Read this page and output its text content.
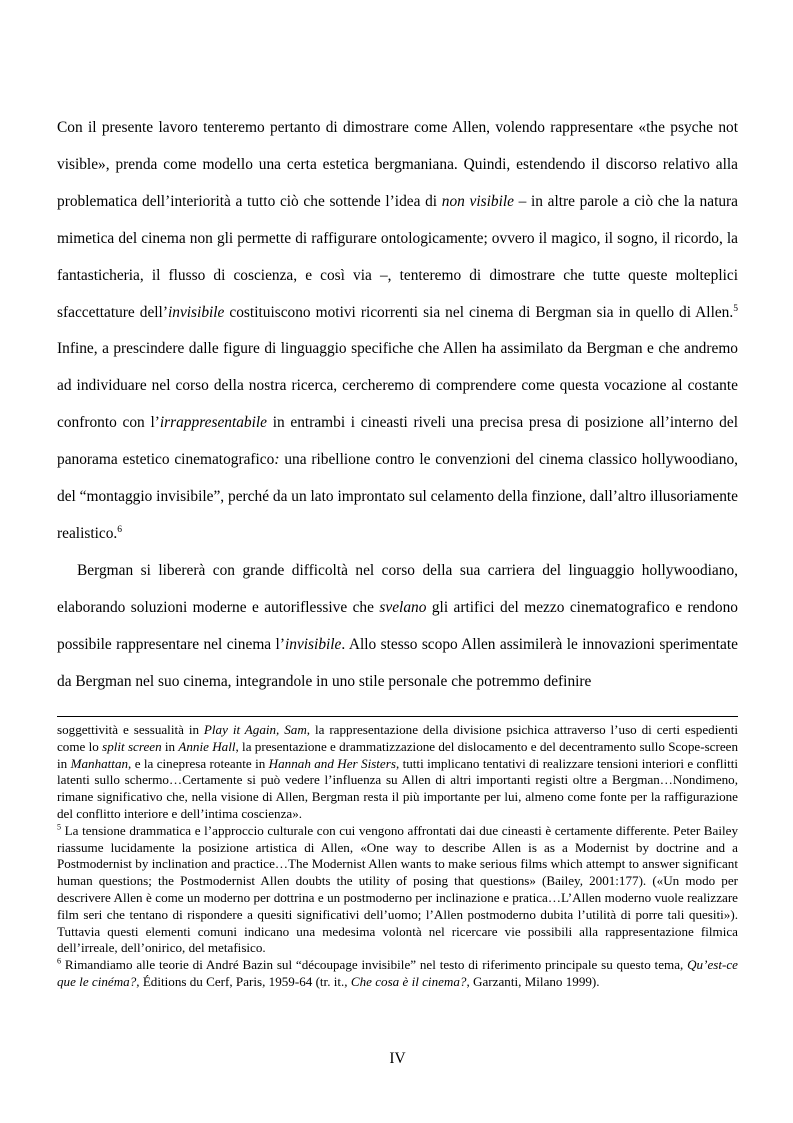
Con il presente lavoro tenteremo pertanto di dimostrare come Allen, volendo rappresentare «the psyche not visible», prenda come modello una certa estetica bergmaniana. Quindi, estendendo il discorso relativo alla problematica dell’interiorità a tutto ciò che sottende l’idea di non visibile – in altre parole a ciò che la natura mimetica del cinema non gli permette di raffigurare ontologicamente; ovvero il magico, il sogno, il ricordo, la fantasticheria, il flusso di coscienza, e così via –, tenteremo di dimostrare che tutte queste molteplici sfaccettature dell’invisibile costituiscono motivi ricorrenti sia nel cinema di Bergman sia in quello di Allen.$^5$ Infine, a prescindere dalle figure di linguaggio specifiche che Allen ha assimilato da Bergman e che andremo ad individuare nel corso della nostra ricerca, cercheremo di comprendere come questa vocazione al costante confronto con l’irrappresentabile in entrambi i cineasti riveli una precisa presa di posizione all’interno del panorama estetico cinematografico: una ribellione contro le convenzioni del cinema classico hollywoodiano, del “montaggio invisibile”, perché da un lato improntato sul celamento della finzione, dall’altro illusoriamente realistico.$^6$

Bergman si libererà con grande difficoltà nel corso della sua carriera del linguaggio hollywoodiano, elaborando soluzioni moderne e autoriflessive che svelano gli artifici del mezzo cinematografico e rendono possibile rappresentare nel cinema l’invisibile. Allo stesso scopo Allen assimilerà le innovazioni sperimentate da Bergman nel suo cinema, integrandole in uno stile personale che potremmo definire

soggettività e sessualità in Play it Again, Sam, la rappresentazione della divisione psichica attraverso l’uso di certi espedienti come lo split screen in Annie Hall, la presentazione e drammatizzazione del dislocamento e del decentramento sullo Scope-screen in Manhattan, e la cinepresa roteante in Hannah and Her Sisters, tutti implicano tentativi di realizzare tensioni interiori e conflitti latenti sullo schermo…Certamente si può vedere l’influenza su Allen di altri importanti registi oltre a Bergman…Nondimeno, rimane significativo che, nella visione di Allen, Bergman resta il più importante per lui, almeno come fonte per la raffigurazione del conflitto interiore e dell’intima coscienza».

$^5$ La tensione drammatica e l’approccio culturale con cui vengono affrontati dai due cineasti è certamente differente. Peter Bailey riassume lucidamente la posizione artistica di Allen, «One way to describe Allen is as a Modernist by doctrine and a Postmodernist by inclination and practice…The Modernist Allen wants to make serious films which attempt to answer significant human questions; the Postmodernist Allen doubts the utility of posing that questions» (Bailey, 2001:177). («Un modo per descrivere Allen è come un moderno per dottrina e un postmoderno per inclinazione e pratica…L’Allen moderno vuole realizzare film seri che tentano di rispondere a quesiti significativi dell’uomo; l’Allen postmoderno dubita l’utilità di porre tali quesiti»). Tuttavia questi elementi comuni indicano una medesima volontà nel ricercare vie possibili alla rappresentazione filmica dell’irreale, dell’onirico, del metafisico.

$^6$ Rimandiamo alle teorie di André Bazin sul “découpage invisibile” nel testo di riferimento principale su questo tema, Qu’est-ce que le cinéma?, Éditions du Cerf, Paris, 1959-64 (tr. it., Che cosa è il cinema?, Garzanti, Milano 1999).

IV
